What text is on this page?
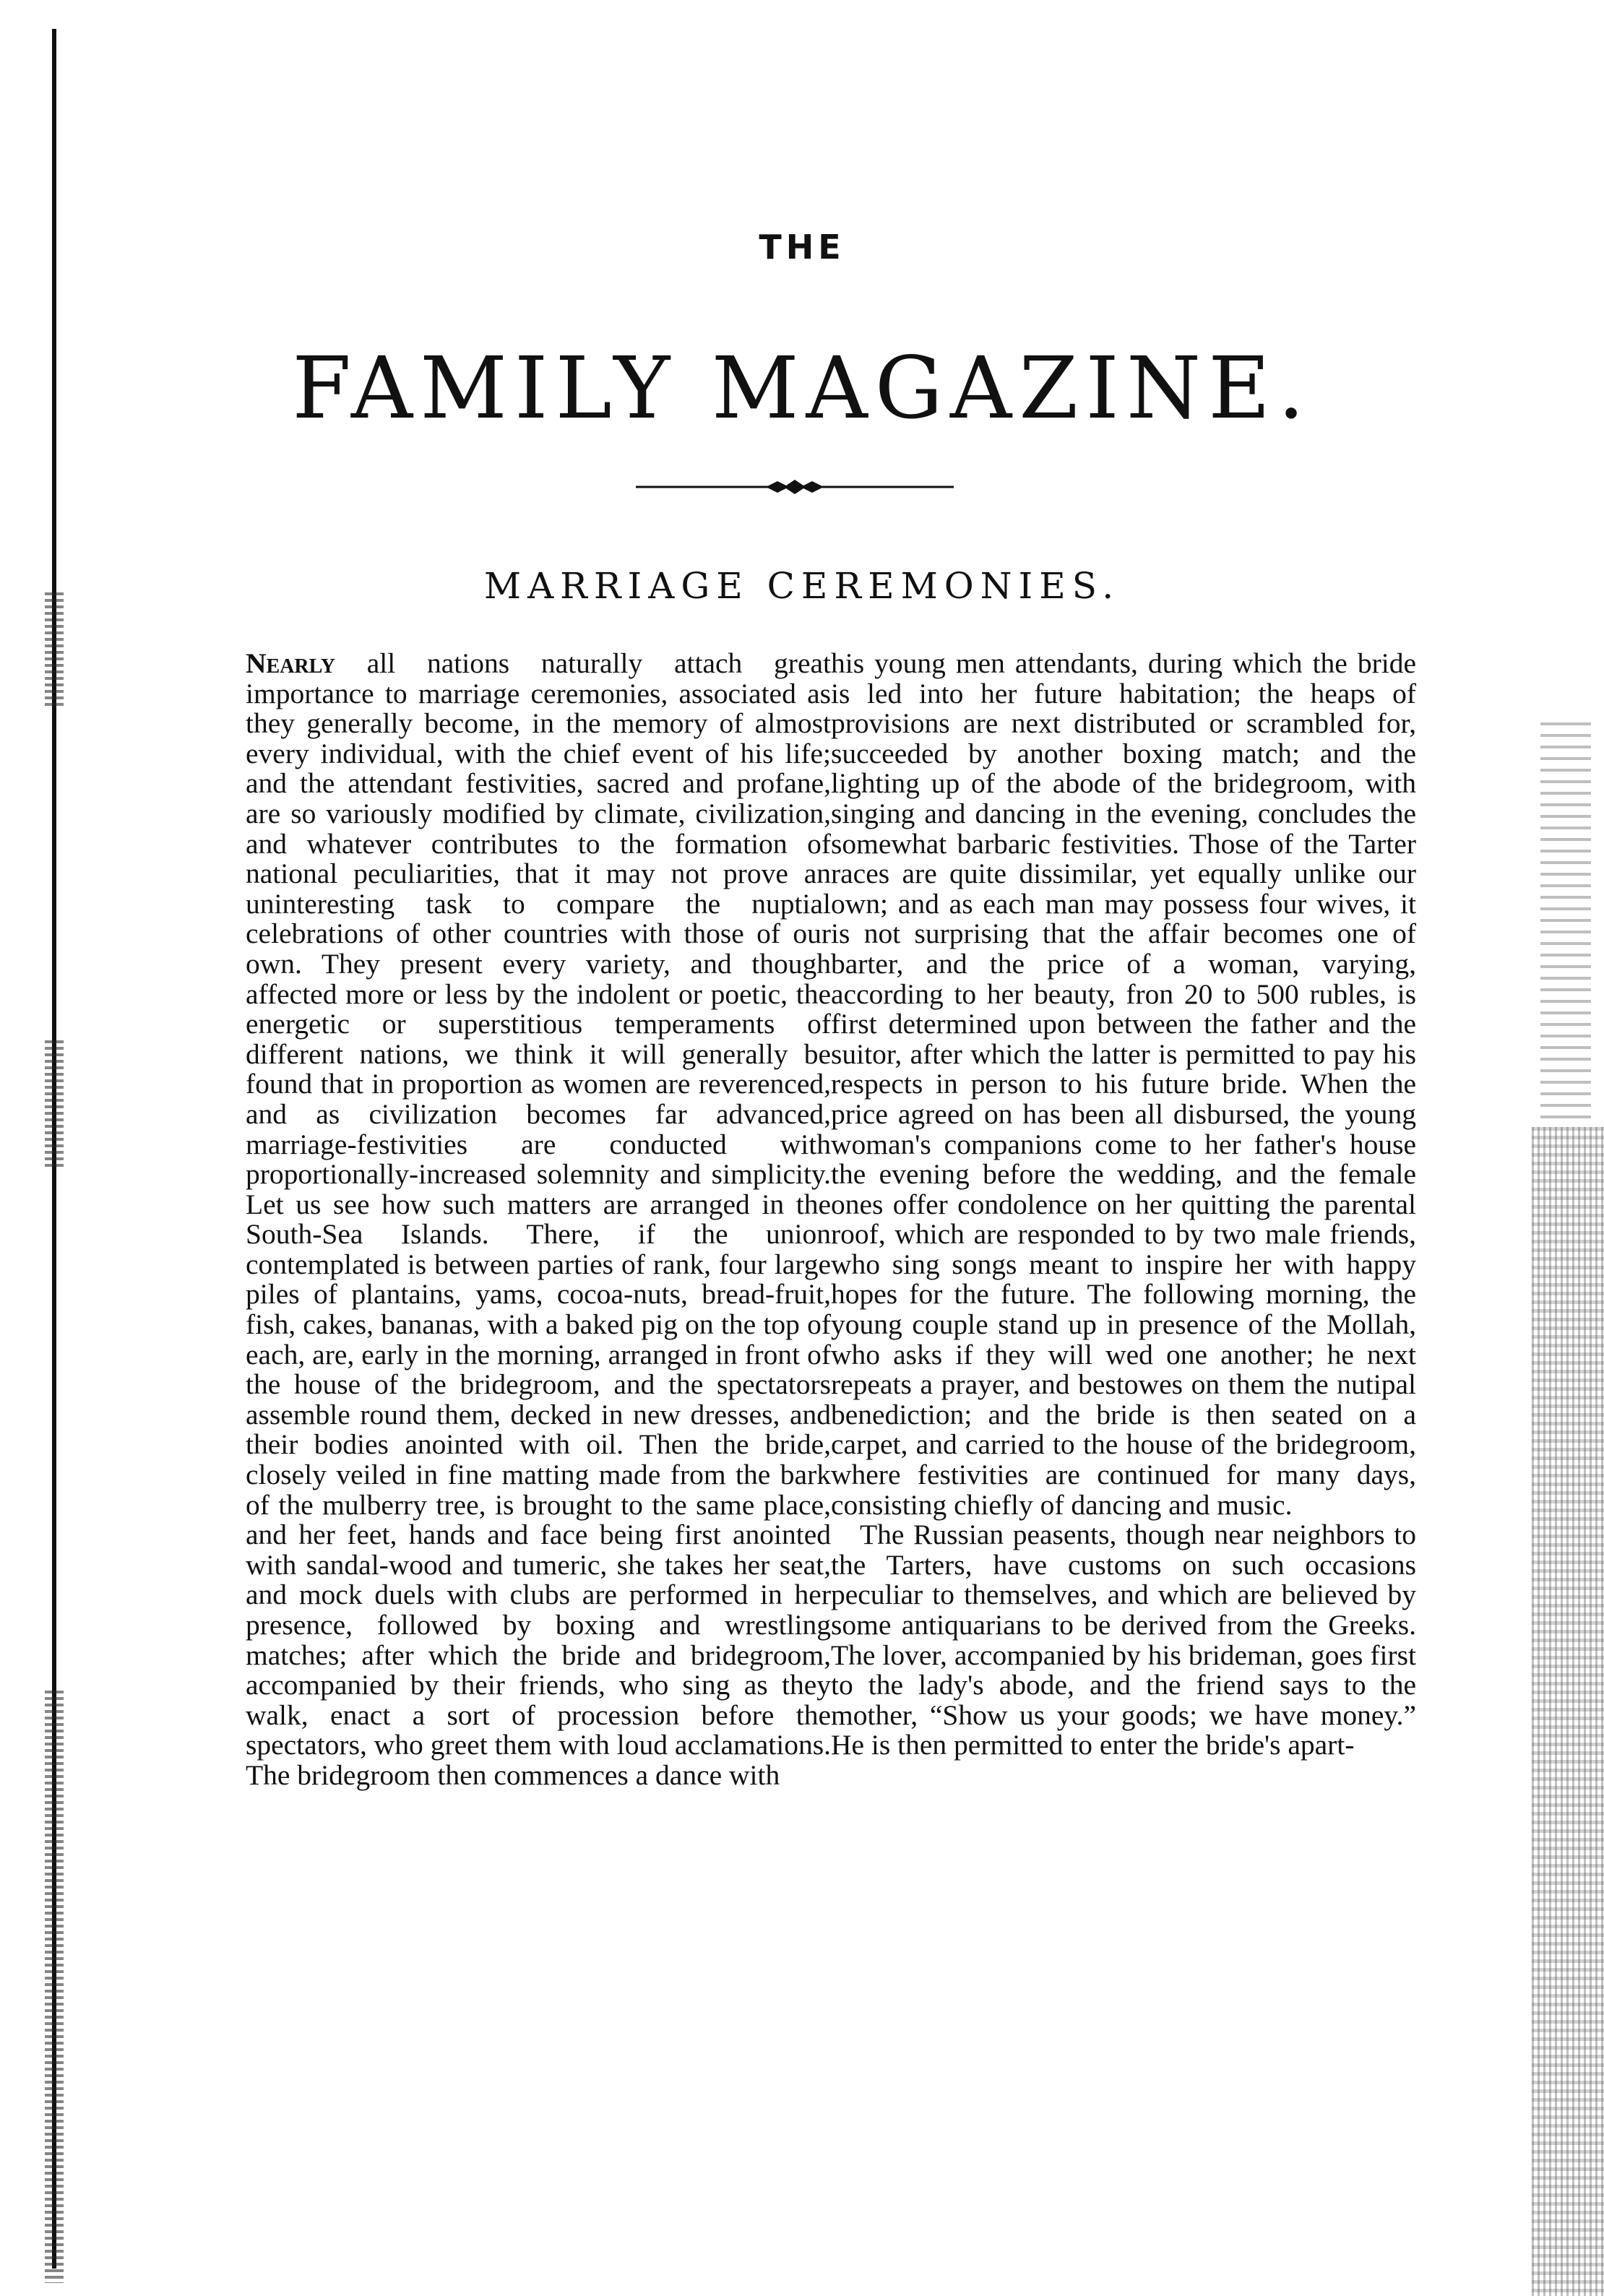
THE
FAMILY MAGAZINE.
MARRIAGE CEREMONIES.

Nearly all nations naturally attach great importance to marriage ceremonies, associated as they generally become, in the memory of almost every individual, with the chief event of his life; and the attendant festivities, sacred and profane, are so variously modified by climate, civilization, and whatever contributes to the formation of national peculiarities, that it may not prove an uninteresting task to compare the nuptial celebrations of other countries with those of our own. They present every variety, and though affected more or less by the indolent or poetic, the energetic or superstitious temperaments of different nations, we think it will generally be found that in proportion as women are reverenced, and as civilization becomes far advanced, marriage-festivities are conducted with proportionally-increased solemnity and simplicity. Let us see how such matters are arranged in the South-Sea Islands. There, if the union contemplated is between parties of rank, four large piles of plantains, yams, cocoa-nuts, bread-fruit, fish, cakes, bananas, with a baked pig on the top of each, are, early in the morning, arranged in front of the house of the bridegroom, and the spectators assemble round them, decked in new dresses, and their bodies anointed with oil. Then the bride, closely veiled in fine matting made from the bark of the mulberry tree, is brought to the same place, and her feet, hands and face being first anointed with sandal-wood and tumeric, she takes her seat, and mock duels with clubs are performed in her presence, followed by boxing and wrestling matches; after which the bride and bridegroom, accompanied by their friends, who sing as they walk, enact a sort of procession before the spectators, who greet them with loud acclamations. The bridegroom then commences a dance with

his young men attendants, during which the bride is led into her future habitation; the heaps of provisions are next distributed or scrambled for, succeeded by another boxing match; and the lighting up of the abode of the bridegroom, with singing and dancing in the evening, concludes the somewhat barbaric festivities. Those of the Tarter races are quite dissimilar, yet equally unlike our own; and as each man may possess four wives, it is not surprising that the affair becomes one of barter, and the price of a woman, varying, according to her beauty, fron 20 to 500 rubles, is first determined upon between the father and the suitor, after which the latter is permitted to pay his respects in person to his future bride. When the price agreed on has been all disbursed, the young woman's companions come to her father's house the evening before the wedding, and the female ones offer condolence on her quitting the parental roof, which are responded to by two male friends, who sing songs meant to inspire her with happy hopes for the future. The following morning, the young couple stand up in presence of the Mollah, who asks if they will wed one another; he next repeats a prayer, and bestowes on them the nutipal benediction; and the bride is then seated on a carpet, and carried to the house of the bridegroom, where festivities are continued for many days, consisting chiefly of dancing and music.

The Russian peasents, though near neighbors to the Tarters, have customs on such occasions peculiar to themselves, and which are believed by some antiquarians to be derived from the Greeks. The lover, accompanied by his brideman, goes first to the lady's abode, and the friend says to the mother, “Show us your goods; we have money.” He is then permitted to enter the bride's apart-
